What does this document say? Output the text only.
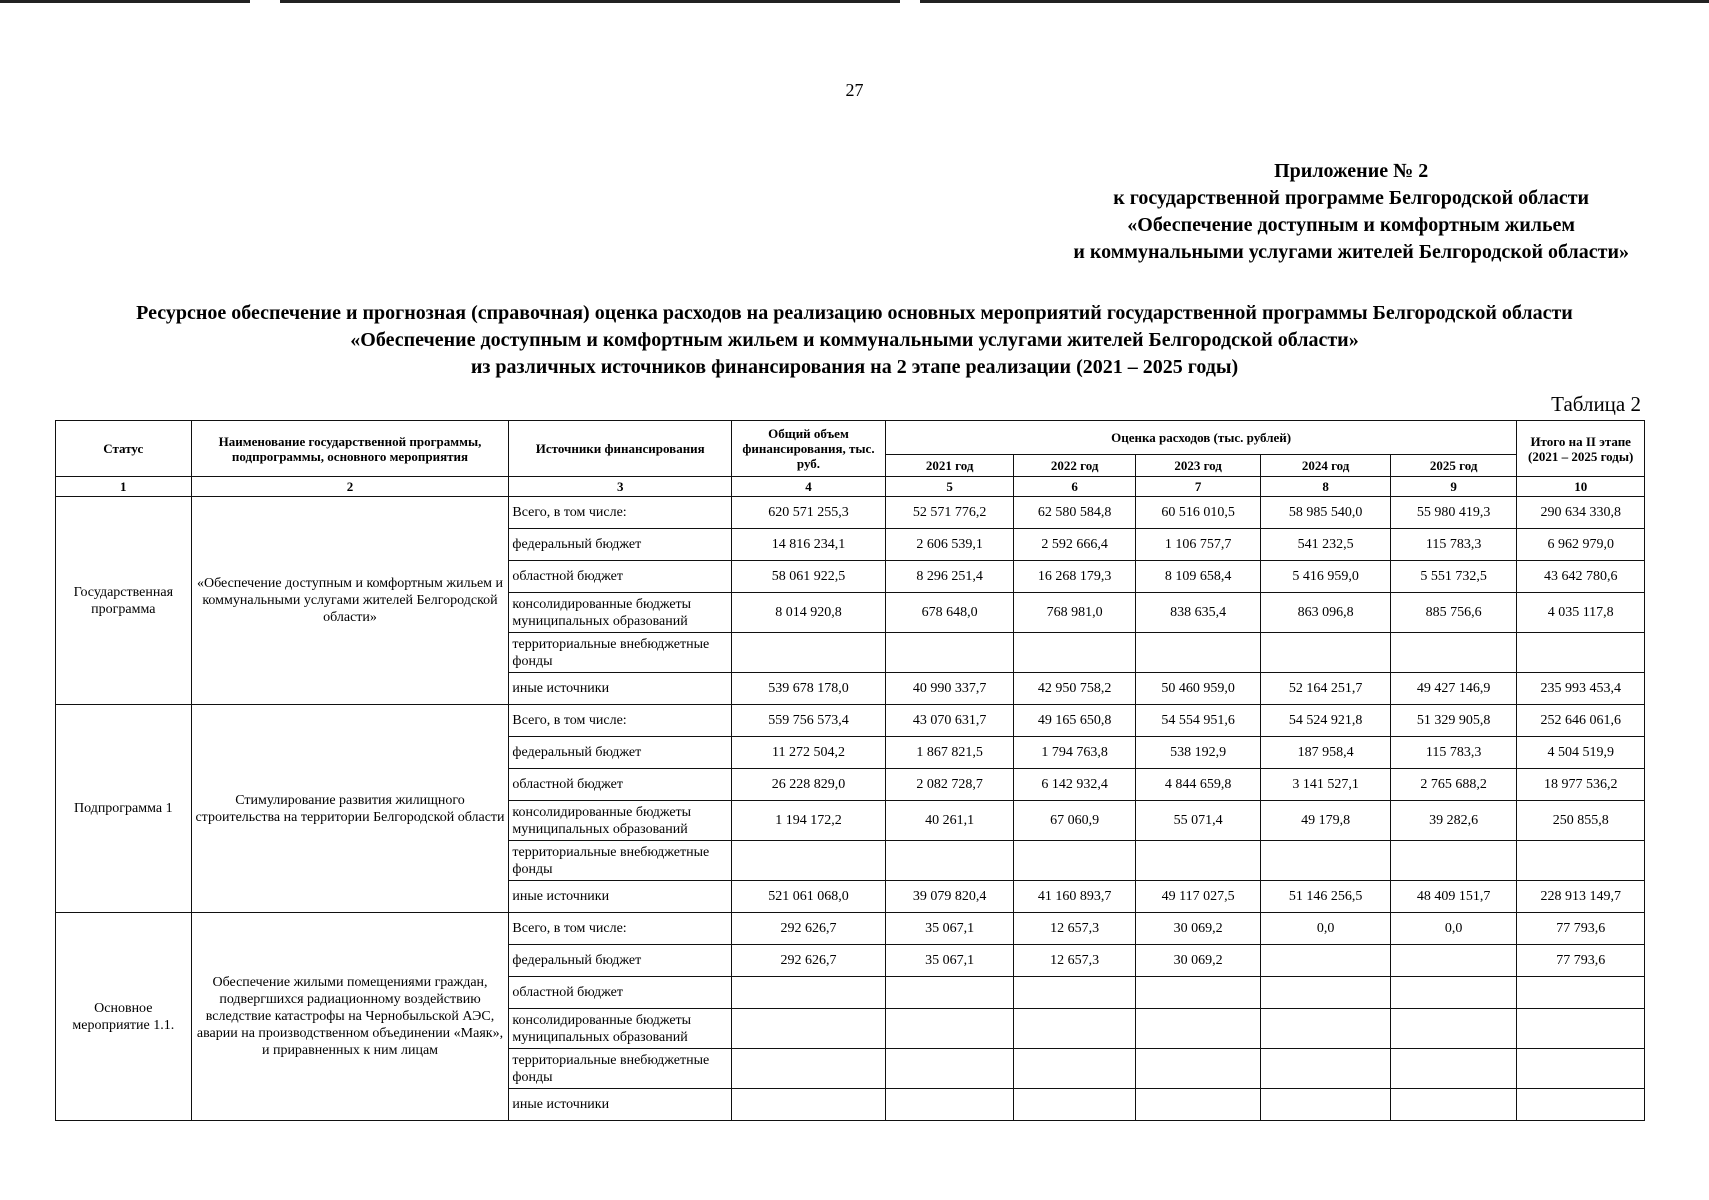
27
Приложение № 2
к государственной программе Белгородской области
«Обеспечение доступным и комфортным жильем
и коммунальными услугами жителей Белгородской области»
Ресурсное обеспечение и прогнозная (справочная) оценка расходов на реализацию основных мероприятий государственной программы Белгородской области
«Обеспечение доступным и комфортным жильем и коммунальными услугами жителей Белгородской области»
из различных источников финансирования на 2 этапе реализации (2021 – 2025 годы)
Таблица 2
Статус	Наименование государственной программы, подпрограммы, основного мероприятия	Источники финансирования	Общий объем финансирования, тыс. руб.	Оценка расходов (тыс. рублей)					Итого на II этапе (2021 – 2025 годы)
				2021 год	2022 год	2023 год	2024 год	2025 год	
1	2	3	4	5	6	7	8	9	10
Государственная программа	«Обеспечение доступным и комфортным жильем и коммунальными услугами жителей Белгородской области»	Всего, в том числе:	620 571 255,3	52 571 776,2	62 580 584,8	60 516 010,5	58 985 540,0	55 980 419,3	290 634 330,8
		федеральный бюджет	14 816 234,1	2 606 539,1	2 592 666,4	1 106 757,7	541 232,5	115 783,3	6 962 979,0
		областной бюджет	58 061 922,5	8 296 251,4	16 268 179,3	8 109 658,4	5 416 959,0	5 551 732,5	43 642 780,6
		консолидированные бюджеты муниципальных образований	8 014 920,8	678 648,0	768 981,0	838 635,4	863 096,8	885 756,6	4 035 117,8
		территориальные внебюджетные фонды							
		иные источники	539 678 178,0	40 990 337,7	42 950 758,2	50 460 959,0	52 164 251,7	49 427 146,9	235 993 453,4
Подпрограмма 1	Стимулирование развития жилищного строительства на территории Белгородской области	Всего, в том числе:	559 756 573,4	43 070 631,7	49 165 650,8	54 554 951,6	54 524 921,8	51 329 905,8	252 646 061,6
		федеральный бюджет	11 272 504,2	1 867 821,5	1 794 763,8	538 192,9	187 958,4	115 783,3	4 504 519,9
		областной бюджет	26 228 829,0	2 082 728,7	6 142 932,4	4 844 659,8	3 141 527,1	2 765 688,2	18 977 536,2
		консолидированные бюджеты муниципальных образований	1 194 172,2	40 261,1	67 060,9	55 071,4	49 179,8	39 282,6	250 855,8
		территориальные внебюджетные фонды							
		иные источники	521 061 068,0	39 079 820,4	41 160 893,7	49 117 027,5	51 146 256,5	48 409 151,7	228 913 149,7
Основное мероприятие 1.1.	Обеспечение жилыми помещениями граждан, подвергшихся радиационному воздействию вследствие катастрофы на Чернобыльской АЭС, аварии на производственном объединении «Маяк», и приравненных к ним лицам	Всего, в том числе:	292 626,7	35 067,1	12 657,3	30 069,2	0,0	0,0	77 793,6
		федеральный бюджет	292 626,7	35 067,1	12 657,3	30 069,2			77 793,6
		областной бюджет							
		консолидированные бюджеты муниципальных образований							
		территориальные внебюджетные фонды							
		иные источники							
